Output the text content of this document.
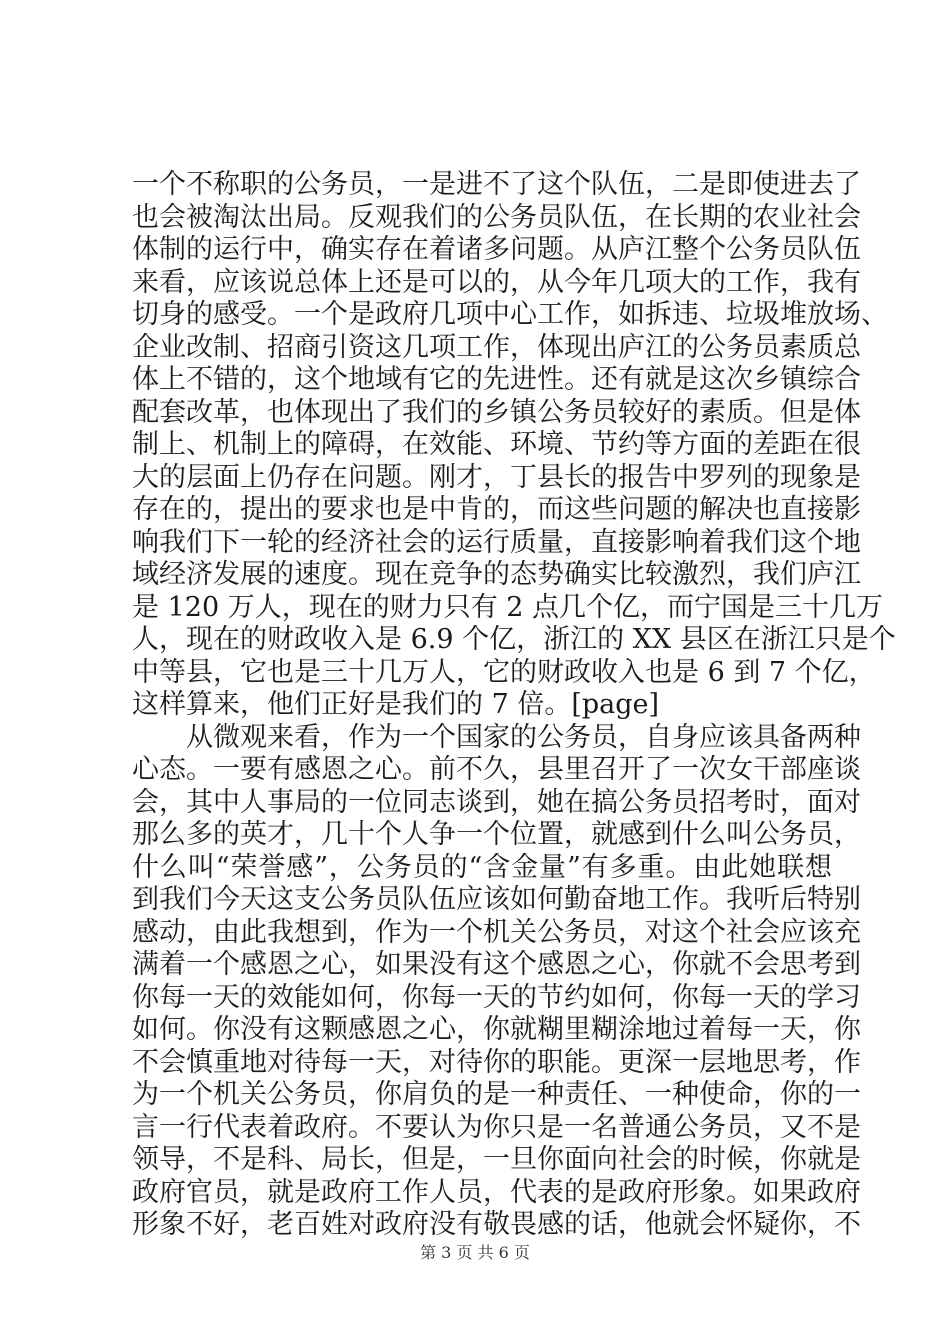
一个不称职的公务员，一是进不了这个队伍，二是即使进去了
也会被淘汰出局。反观我们的公务员队伍，在长期的农业社会
体制的运行中，确实存在着诸多问题。从庐江整个公务员队伍
来看，应该说总体上还是可以的，从今年几项大的工作，我有
切身的感受。一个是政府几项中心工作，如拆违、垃圾堆放场、
企业改制、招商引资这几项工作，体现出庐江的公务员素质总
体上不错的，这个地域有它的先进性。还有就是这次乡镇综合
配套改革，也体现出了我们的乡镇公务员较好的素质。但是体
制上、机制上的障碍，在效能、环境、节约等方面的差距在很
大的层面上仍存在问题。刚才，丁县长的报告中罗列的现象是
存在的，提出的要求也是中肯的，而这些问题的解决也直接影
响我们下一轮的经济社会的运行质量，直接影响着我们这个地
域经济发展的速度。现在竞争的态势确实比较激烈，我们庐江
是 120 万人，现在的财力只有 2 点几个亿，而宁国是三十几万
人，现在的财政收入是 6.9 个亿，浙江的 XX 县区在浙江只是个
中等县，它也是三十几万人，它的财政收入也是 6 到 7 个亿，
这样算来，他们正好是我们的 7 倍。[page]
从微观来看，作为一个国家的公务员，自身应该具备两种
心态。一要有感恩之心。前不久，县里召开了一次女干部座谈
会，其中人事局的一位同志谈到，她在搞公务员招考时，面对
那么多的英才，几十个人争一个位置，就感到什么叫公务员，
什么叫“荣誉感”，公务员的“含金量”有多重。由此她联想
到我们今天这支公务员队伍应该如何勤奋地工作。我听后特别
感动，由此我想到，作为一个机关公务员，对这个社会应该充
满着一个感恩之心，如果没有这个感恩之心，你就不会思考到
你每一天的效能如何，你每一天的节约如何，你每一天的学习
如何。你没有这颗感恩之心，你就糊里糊涂地过着每一天，你
不会慎重地对待每一天，对待你的职能。更深一层地思考，作
为一个机关公务员，你肩负的是一种责任、一种使命，你的一
言一行代表着政府。不要认为你只是一名普通公务员，又不是
领导，不是科、局长，但是，一旦你面向社会的时候，你就是
政府官员，就是政府工作人员，代表的是政府形象。如果政府
形象不好，老百姓对政府没有敬畏感的话，他就会怀疑你，不
第 3 页 共 6 页
